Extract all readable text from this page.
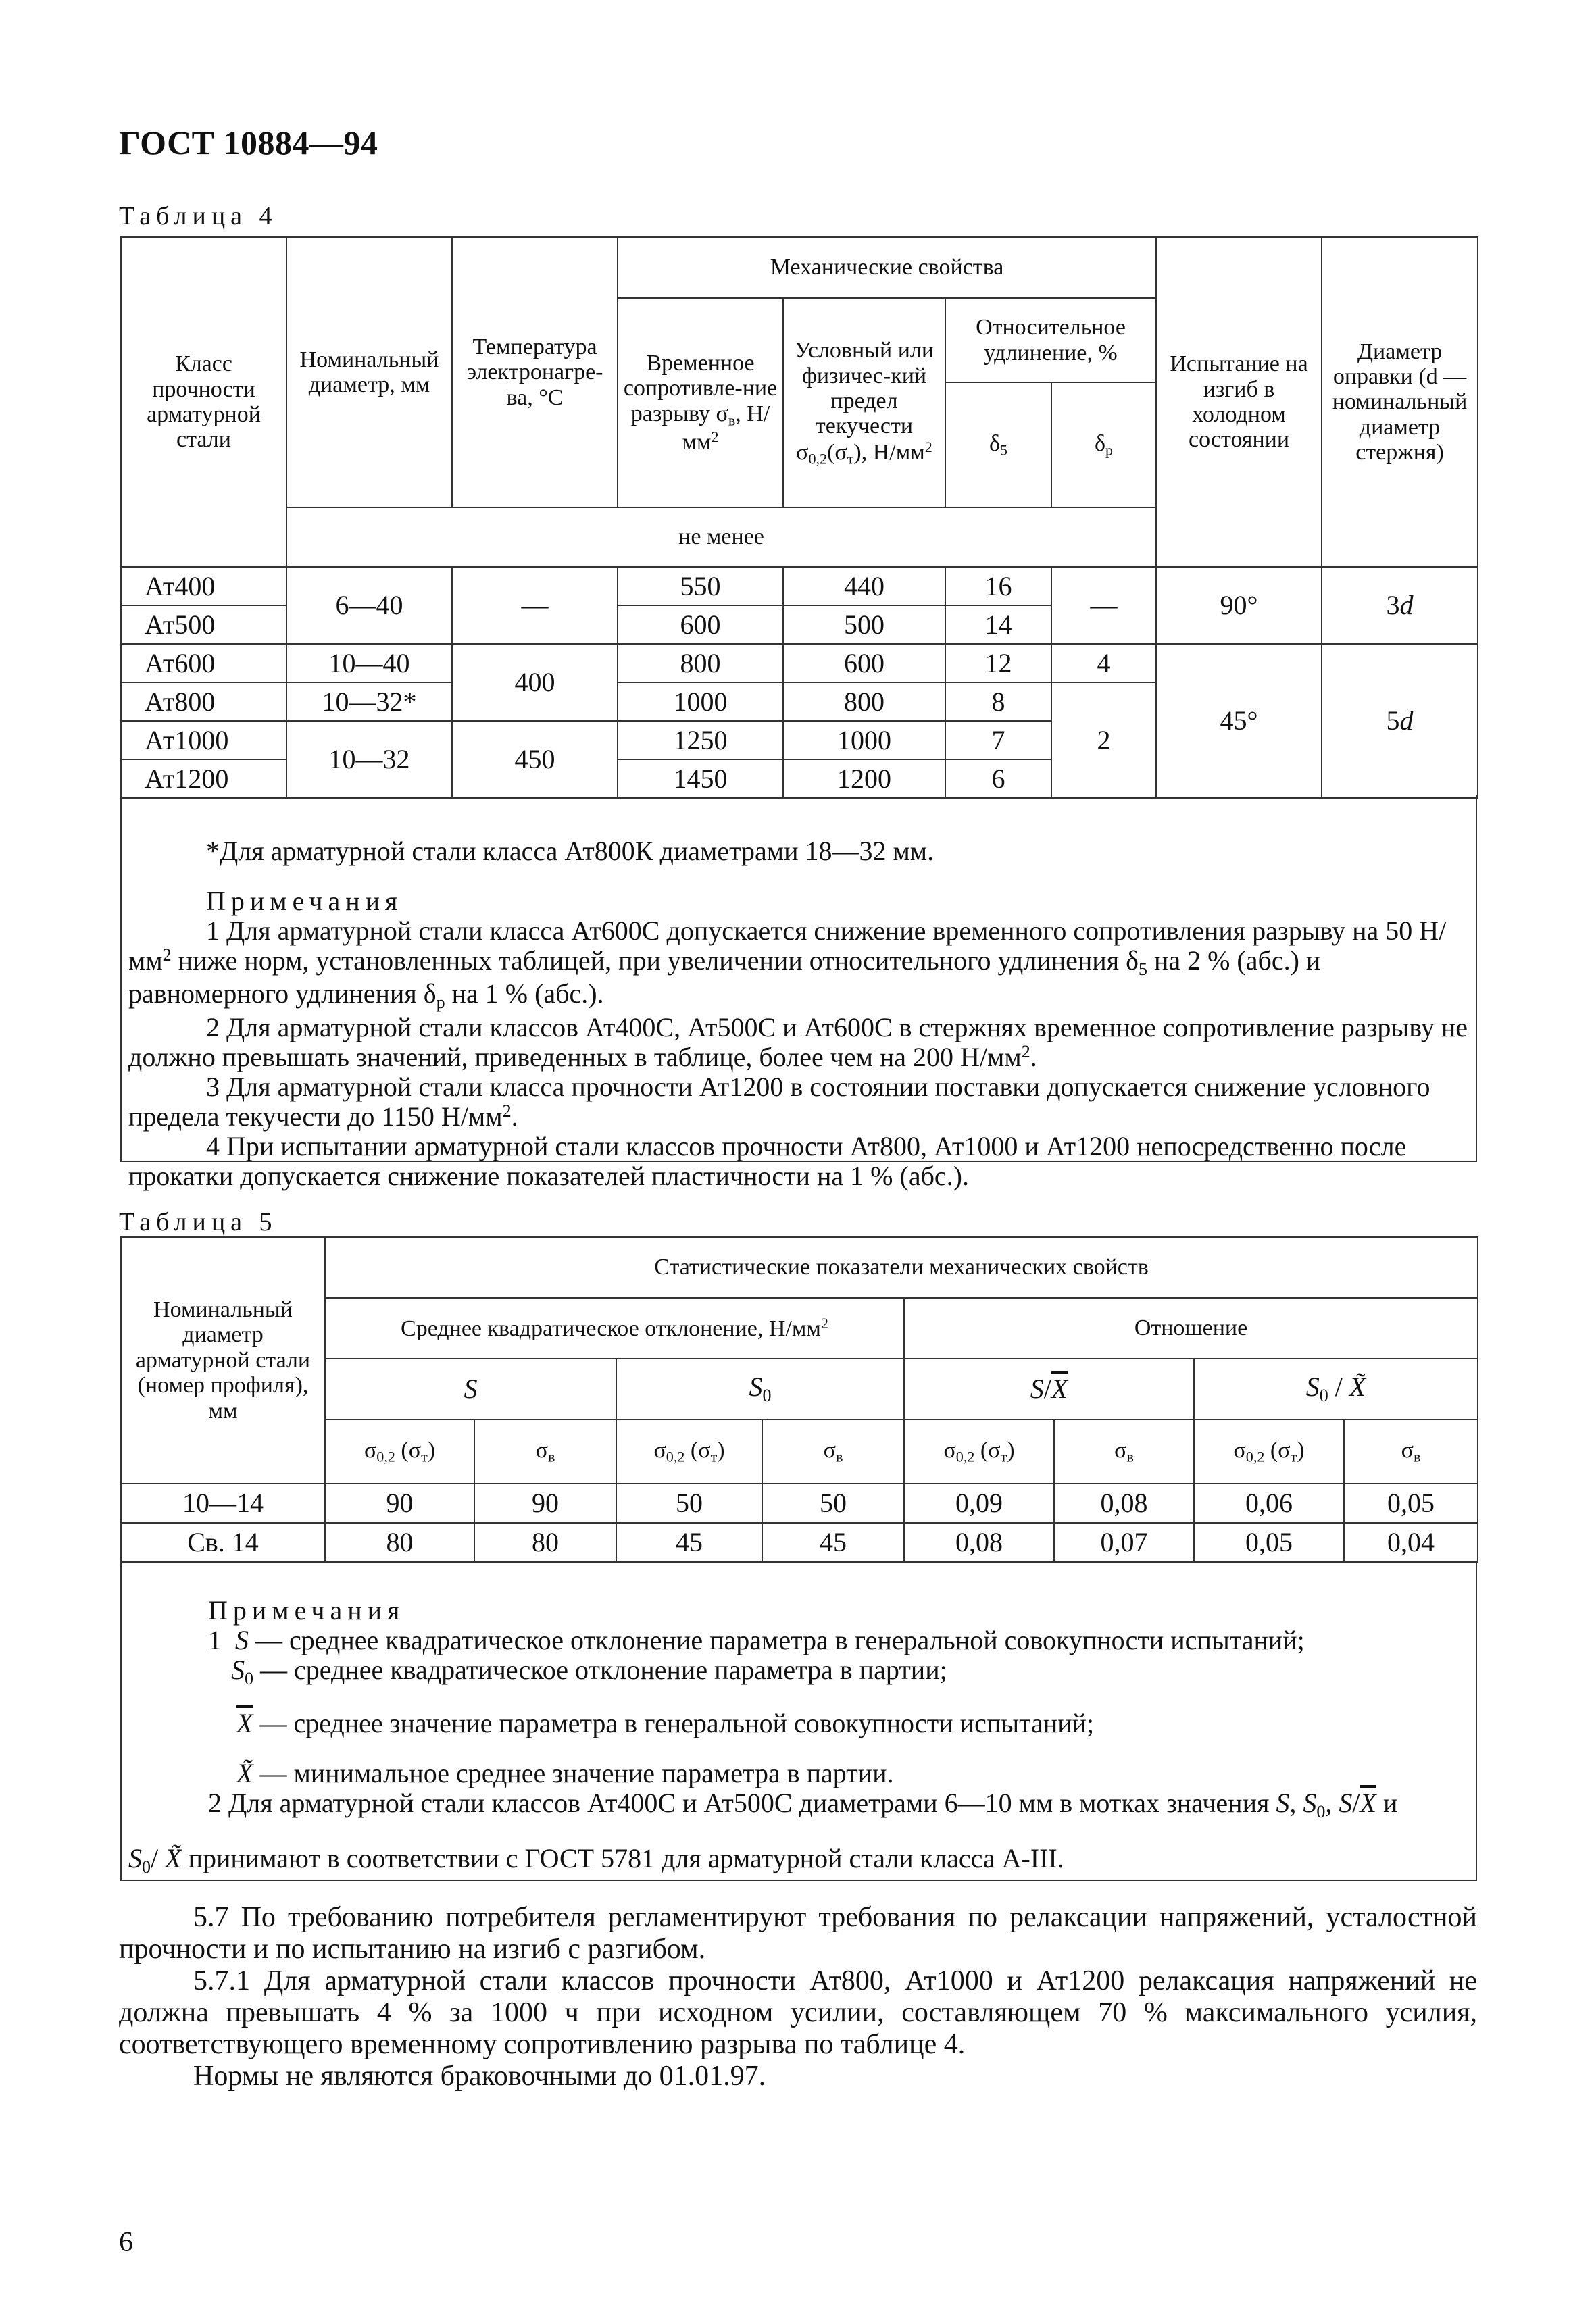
ГОСТ 10884—94
Таблица 4
Класс прочности арматурной стали	Номинальный диаметр, мм	Температура электронагре-ва, °С	Механические свойства				Испытание на изгиб в холодном состоянии	Диаметр оправки (d — номинальный диаметр стержня)
			Временное сопротивле-ние разрыву $\sigma_в$, $Н/мм^2$	Условный или физичес-кий предел текучести $\sigma_{0,2}(\sigma_т)$, $Н/мм^2$	Относительное удлинение, %			
					$\delta_5$	$\delta_р$
	не менее							
Ат400	6—40	—	550	440	16	—	90°	3d
Ат500			600	500	14			
Ат600	10—40	400	800	600	12	4	45°	5d
Ат800	10—32*		1000	800	8	2		
Ат1000	10—32	450	1250	1000	7			
Ат1200			1450	1200	6			

*Для арматурной стали класса Ат800К диаметрами 18—32 мм.

Примечания

1 Для арматурной стали класса Ат600С допускается снижение временного сопротивления разрыву на 50 $Н/мм^2$ ниже норм, установленных таблицей, при увеличении относительного удлинения $\delta_5$ на 2 % (абс.) и равномерного удлинения $\delta_р$ на 1 % (абс.).

2 Для арматурной стали классов Ат400С, Ат500С и Ат600С в стержнях временное сопротивление разрыву не должно превышать значений, приведенных в таблице, более чем на 200 $Н/мм^2$.

3 Для арматурной стали класса прочности Ат1200 в состоянии поставки допускается снижение условного предела текучести до 1150 $Н/мм^2$.

4 При испытании арматурной стали классов прочности Ат800, Ат1000 и Ат1200 непосредственно после прокатки допускается снижение показателей пластичности на 1 % (абс.).

Таблица 5
Номинальный диаметр арматурной стали (номер профиля), мм	Статистические показатели механических свойств							
	Среднее квадратическое отклонение, $Н/мм^2$				Отношение			
	S		$S_0$		$S/\overline{X}$		$S_0$ / X̃	
	$\sigma_{0,2}$ $(\sigma_т)$	$\sigma_в$	$\sigma_{0,2}$ $(\sigma_т)$	$\sigma_в$	$\sigma_{0,2}$ $(\sigma_т)$	$\sigma_в$	$\sigma_{0,2}$ $(\sigma_т)$	$\sigma_в$
10—14	90	90	50	50	0,09	0,08	0,06	0,05
Св. 14	80	80	45	45	0,08	0,07	0,05	0,04

Примечания

1  S — среднее квадратическое отклонение параметра в генеральной совокупности испытаний;

$S_0$ — среднее квадратическое отклонение параметра в партии;

$\overline{X}$ — среднее значение параметра в генеральной совокупности испытаний;

X̃ — минимальное среднее значение параметра в партии.

2 Для арматурной стали классов Ат400С и Ат500С диаметрами 6—10 мм в мотках значения S, $S_0$, $S/\overline{X}$ и

$S_0/$ X̃ принимают в соответствии с ГОСТ 5781 для арматурной стали класса А-III.

5.7 По требованию потребителя регламентируют требования по релаксации напряжений, усталостной прочности и по испытанию на изгиб с разгибом.

5.7.1 Для арматурной стали классов прочности Ат800, Ат1000 и Ат1200 релаксация напряжений не должна превышать 4 % за 1000 ч при исходном усилии, составляющем 70 % максимального усилия, соответствующего временному сопротивлению разрыва по таблице 4.

Нормы не являются браковочными до 01.01.97.

6
